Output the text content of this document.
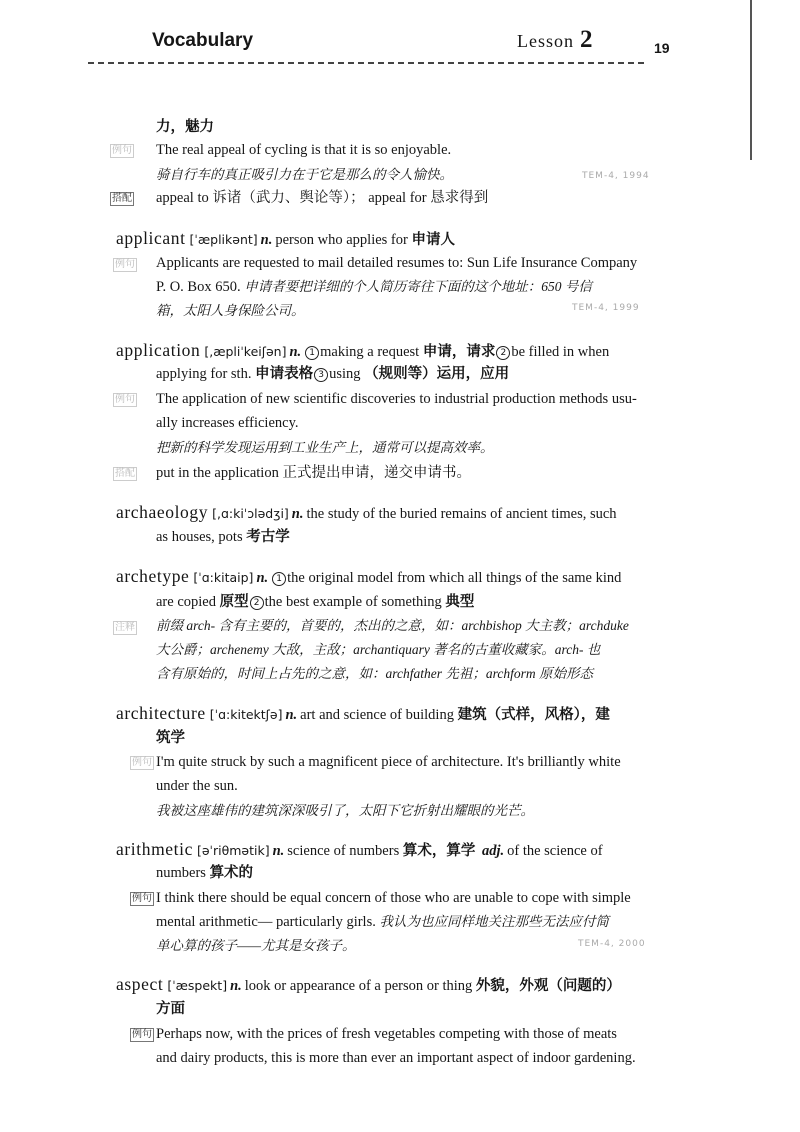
Vocabulary	Lesson 2	19
力，魅力
例句 The real appeal of cycling is that it is so enjoyable.
骑自行车的真正吸引力在于它是那么的令人愉快。	TEM-4, 1994
搭配 appeal to 诉诸（武力、舆论等）； appeal for 恳求得到
applicant [ˈæplikənt] n. person who applies for 申请人
例句 Applicants are requested to mail detailed resumes to: Sun Life Insurance Company
P. O. Box 650. 申请者要把详细的个人简历寄往下面的这个地址：650 号信
箱，太阳人身保险公司。	TEM-4, 1999
application [,æpliˈkeiʃən] n. 1 making a request 申请，请求 2 be filled in when
applying for sth. 申请表格 3 using （规则等）运用，应用
例句 The application of new scientific discoveries to industrial production methods usu-
ally increases efficiency.
把新的科学发现运用到工业生产上，通常可以提高效率。
搭配 put in the application 正式提出申请，递交申请书。
archaeology [,ɑ:kiˈɔlədʒi] n. the study of the buried remains of ancient times, such
as houses, pots 考古学
archetype [ˈɑ:kitaip] n. 1 the original model from which all things of the same kind
are copied 原型 2 the best example of something 典型
注释 前缀 arch- 含有主要的，首要的，杰出的之意，如：archbishop 大主教；archduke
大公爵；archenemy 大敌，主敌；archantiquary 著名的古董收藏家。arch- 也
含有原始的，时间上占先的之意，如：archfather 先祖；archform 原始形态
architecture [ˈɑ:kitektʃə] n. art and science of building 建筑（式样，风格），建
筑学
例句 I'm quite struck by such a magnificent piece of architecture. It's brilliantly white
under the sun.
我被这座雄伟的建筑深深吸引了，太阳下它折射出耀眼的光芒。
arithmetic [əˈriθmətik] n. science of numbers 算术，算学 adj. of the science of
numbers 算术的
例句 I think there should be equal concern of those who are unable to cope with simple
mental arithmetic— particularly girls. 我认为也应同样地关注那些无法应付简
单心算的孩子——尤其是女孩子。	TEM-4, 2000
aspect [ˈæspekt] n. look or appearance of a person or thing 外貌，外观（问题的）
方面
例句 Perhaps now, with the prices of fresh vegetables competing with those of meats
and dairy products, this is more than ever an important aspect of indoor gardening.
